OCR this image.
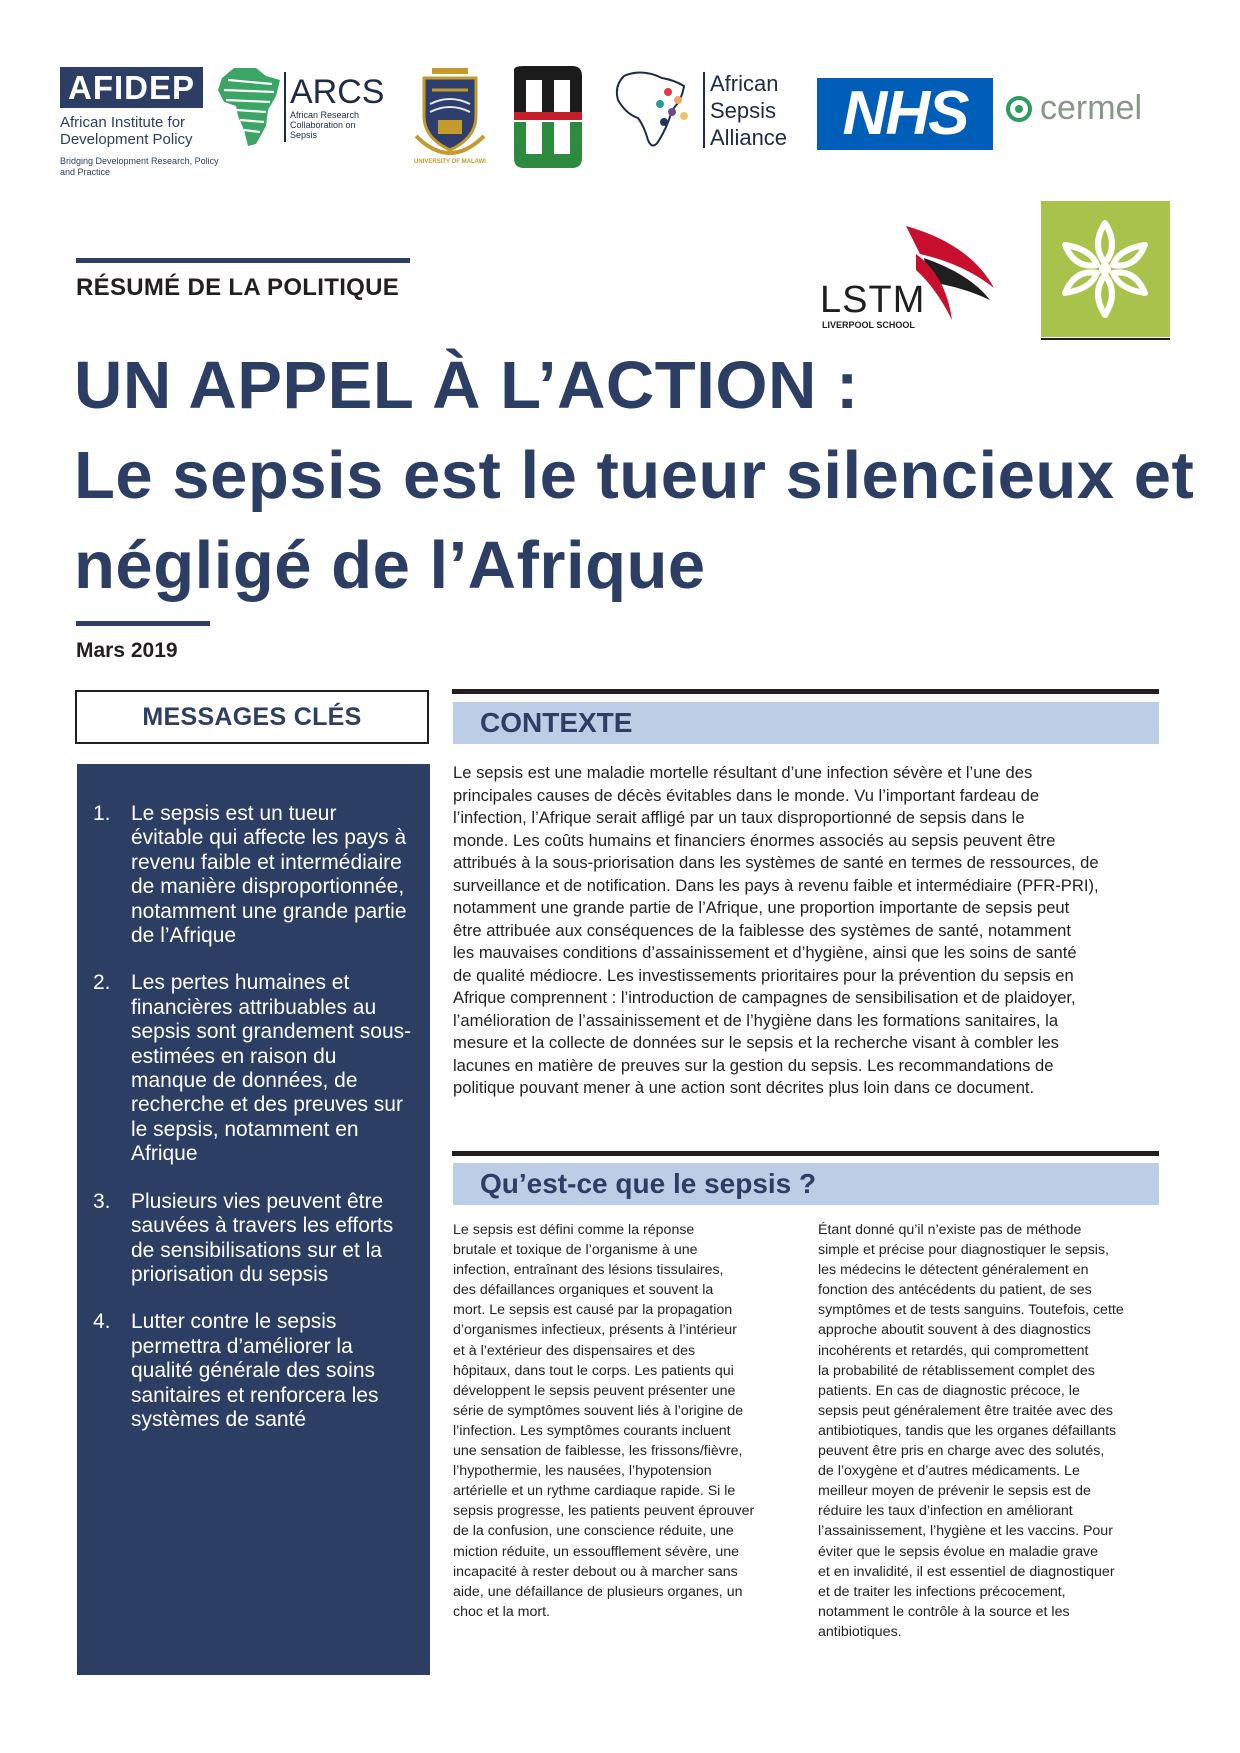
AFIDEP
African Institute for Development Policy
Bridging Development Research, Policy and Practice
ARCS
African Research Collaboration on Sepsis
UNIVERSITY OF MALAWI
African
Sepsis
Alliance NHS	cermel
LSTM
LIVERPOOL SCHOOL
RÉSUMÉ DE LA POLITIQUE
UN APPEL À L’ACTION :
Le sepsis est le tueur silencieux et
négligé de l’Afrique
Mars 2019
MESSAGES CLÉS
1. Le sepsis est un tueur évitable qui affecte les pays à revenu faible et intermédiaire de manière disproportionnée, notamment une grande partie de l’Afrique
2. Les pertes humaines et financières attribuables au sepsis sont grandement sous-estimées en raison du manque de données, de recherche et des preuves sur le sepsis, notamment en Afrique
3. Plusieurs vies peuvent être sauvées à travers les efforts de sensibilisations sur et la priorisation du sepsis
4. Lutter contre le sepsis permettra d’améliorer la qualité générale des soins sanitaires et renforcera les systèmes de santé
CONTEXTE
Le sepsis est une maladie mortelle résultant d’une infection sévère et l’une des
principales causes de décès évitables dans le monde. Vu l’important fardeau de
l’infection, l’Afrique serait affligé par un taux disproportionné de sepsis dans le
monde. Les coûts humains et financiers énormes associés au sepsis peuvent être
attribués à la sous-priorisation dans les systèmes de santé en termes de ressources, de
surveillance et de notification. Dans les pays à revenu faible et intermédiaire (PFR-PRI),
notamment une grande partie de l’Afrique, une proportion importante de sepsis peut
être attribuée aux conséquences de la faiblesse des systèmes de santé, notamment
les mauvaises conditions d’assainissement et d’hygiène, ainsi que les soins de santé
de qualité médiocre. Les investissements prioritaires pour la prévention du sepsis en
Afrique comprennent : l’introduction de campagnes de sensibilisation et de plaidoyer,
l’amélioration de l’assainissement et de l’hygiène dans les formations sanitaires, la
mesure et la collecte de données sur le sepsis et la recherche visant à combler les
lacunes en matière de preuves sur la gestion du sepsis. Les recommandations de
politique pouvant mener à une action sont décrites plus loin dans ce document.
Qu’est-ce que le sepsis ?
Le sepsis est défini comme la réponse
brutale et toxique de l’organisme à une
infection, entraînant des lésions tissulaires,
des défaillances organiques et souvent la
mort. Le sepsis est causé par la propagation
d’organismes infectieux, présents à l’intérieur
et à l’extérieur des dispensaires et des
hôpitaux, dans tout le corps. Les patients qui
développent le sepsis peuvent présenter une
série de symptômes souvent liés à l’origine de
l’infection. Les symptômes courants incluent
une sensation de faiblesse, les frissons/fièvre,
l’hypothermie, les nausées, l’hypotension
artérielle et un rythme cardiaque rapide. Si le
sepsis progresse, les patients peuvent éprouver
de la confusion, une conscience réduite, une
miction réduite, un essoufflement sévère, une
incapacité à rester debout ou à marcher sans
aide, une défaillance de plusieurs organes, un
choc et la mort.
Étant donné qu’il n’existe pas de méthode
simple et précise pour diagnostiquer le sepsis,
les médecins le détectent généralement en
fonction des antécédents du patient, de ses
symptômes et de tests sanguins. Toutefois, cette
approche aboutit souvent à des diagnostics
incohérents et retardés, qui compromettent
la probabilité de rétablissement complet des
patients. En cas de diagnostic précoce, le
sepsis peut généralement être traitée avec des
antibiotiques, tandis que les organes défaillants
peuvent être pris en charge avec des solutés,
de l’oxygène et d’autres médicaments. Le
meilleur moyen de prévenir le sepsis est de
réduire les taux d’infection en améliorant
l’assainissement, l’hygiène et les vaccins. Pour
éviter que le sepsis évolue en maladie grave
et en invalidité, il est essentiel de diagnostiquer
et de traiter les infections précocement,
notamment le contrôle à la source et les
antibiotiques.
